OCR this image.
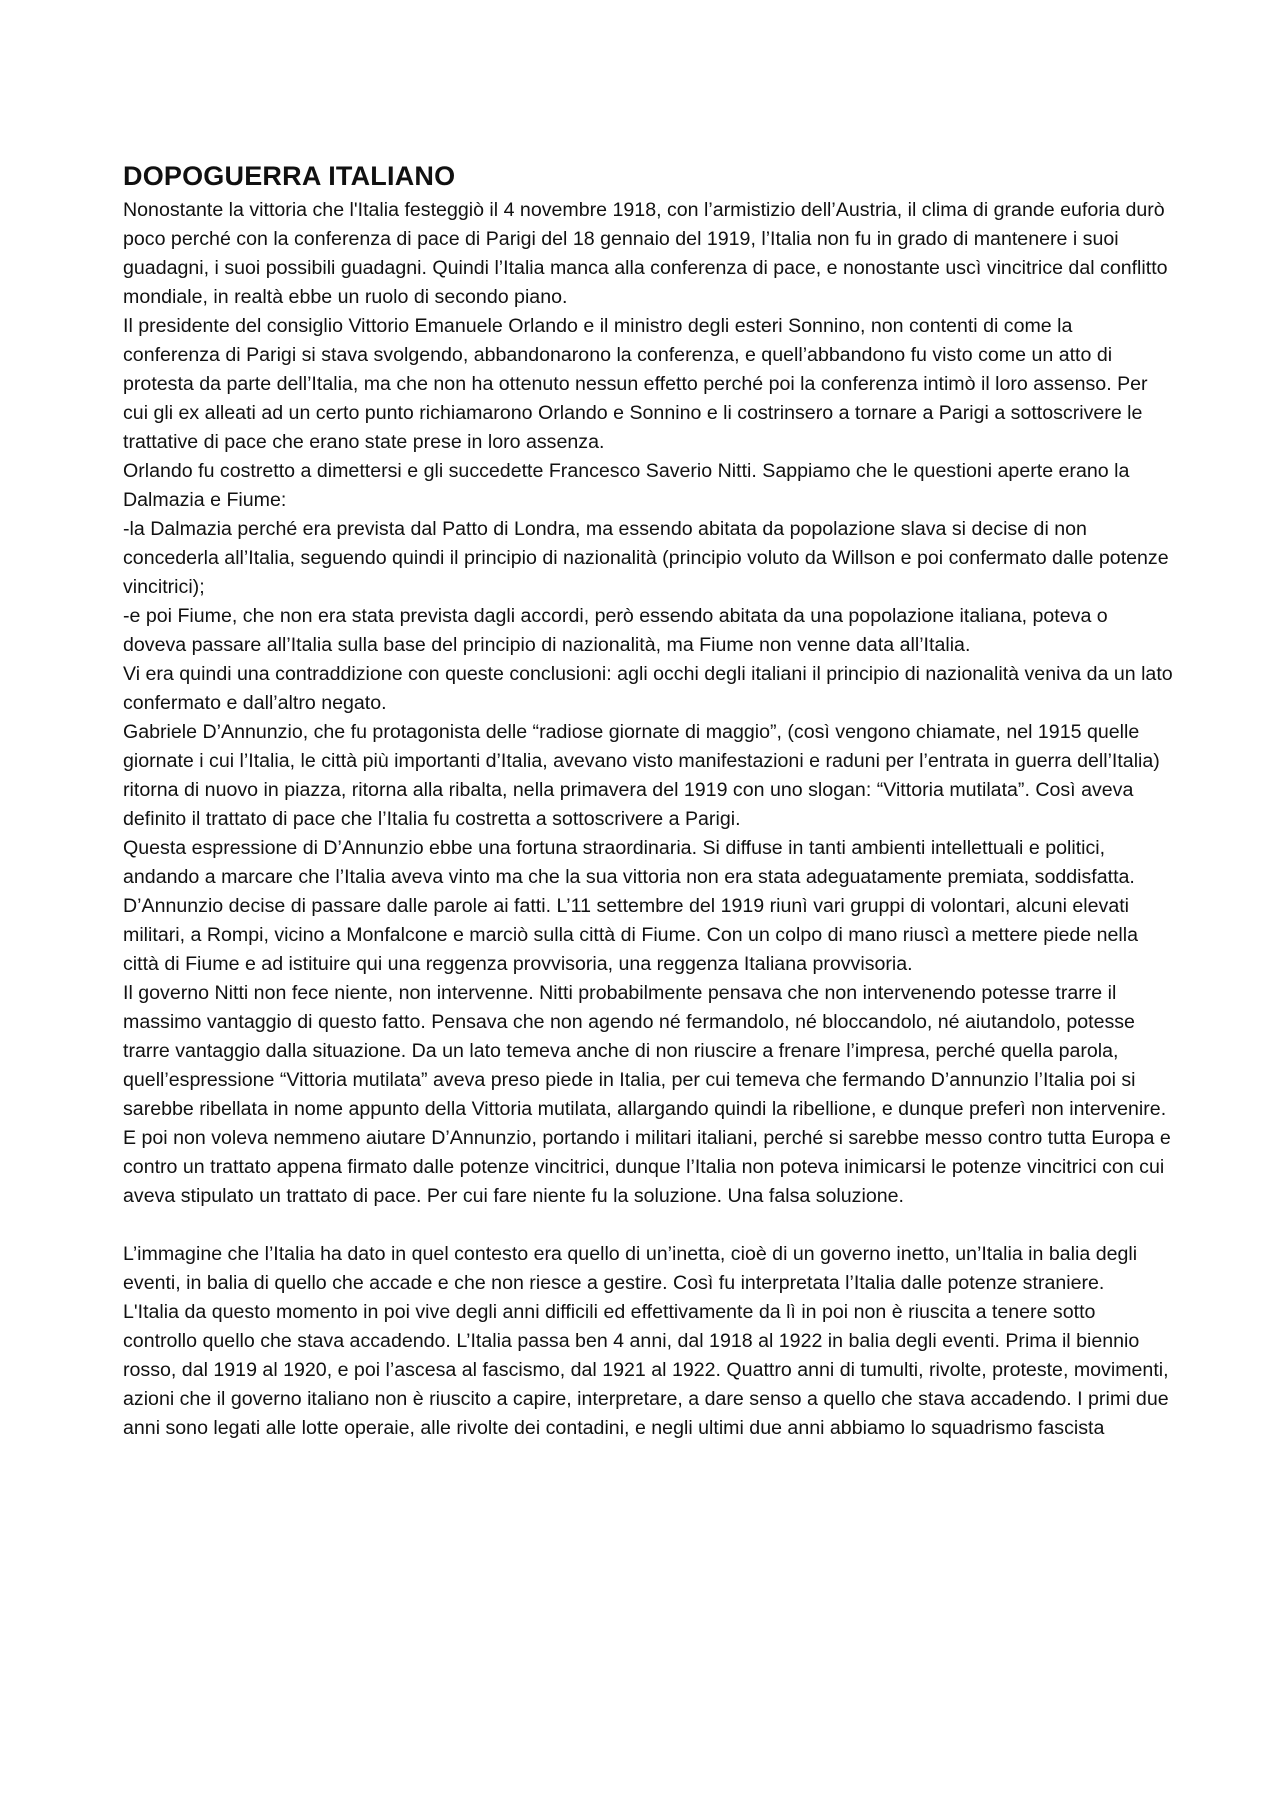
DOPOGUERRA ITALIANO

Nonostante la vittoria che l'Italia festeggiò il 4 novembre 1918, con l’armistizio dell’Austria, il clima di grande euforia durò poco perché con la conferenza di pace di Parigi del 18 gennaio del 1919, l’Italia non fu in grado di mantenere i suoi guadagni, i suoi possibili guadagni. Quindi l’Italia manca alla conferenza di pace, e nonostante uscì vincitrice dal conflitto mondiale, in realtà ebbe un ruolo di secondo piano.

Il presidente del consiglio Vittorio Emanuele Orlando e il ministro degli esteri Sonnino, non contenti di come la conferenza di Parigi si stava svolgendo, abbandonarono la conferenza, e quell’abbandono fu visto come un atto di protesta da parte dell’Italia, ma che non ha ottenuto nessun effetto perché poi la conferenza intimò il loro assenso. Per cui gli ex alleati ad un certo punto richiamarono Orlando e Sonnino e li costrinsero a tornare a Parigi a sottoscrivere le trattative di pace che erano state prese in loro assenza.

Orlando fu costretto a dimettersi e gli succedette Francesco Saverio Nitti. Sappiamo che le questioni aperte erano la Dalmazia e Fiume:

-la Dalmazia perché era prevista dal Patto di Londra, ma essendo abitata da popolazione slava si decise di non concederla all’Italia, seguendo quindi il principio di nazionalità (principio voluto da Willson e poi confermato dalle potenze vincitrici);

-e poi Fiume, che non era stata prevista dagli accordi, però essendo abitata da una popolazione italiana, poteva o doveva passare all’Italia sulla base del principio di nazionalità, ma Fiume non venne data all’Italia.

Vi era quindi una contraddizione con queste conclusioni: agli occhi degli italiani il principio di nazionalità veniva da un lato confermato e dall’altro negato.

Gabriele D’Annunzio, che fu protagonista delle “radiose giornate di maggio”, (così vengono chiamate, nel 1915 quelle giornate i cui l’Italia, le città più importanti d’Italia, avevano visto manifestazioni e raduni per l’entrata in guerra dell’Italia) ritorna di nuovo in piazza, ritorna alla ribalta, nella primavera del 1919 con uno slogan: “Vittoria mutilata”. Così aveva definito il trattato di pace che l’Italia fu costretta a sottoscrivere a Parigi.

Questa espressione di D’Annunzio ebbe una fortuna straordinaria. Si diffuse in tanti ambienti intellettuali e politici, andando a marcare che l’Italia aveva vinto ma che la sua vittoria non era stata adeguatamente premiata, soddisfatta. D’Annunzio decise di passare dalle parole ai fatti. L’11 settembre del 1919 riunì vari gruppi di volontari, alcuni elevati militari, a Rompi, vicino a Monfalcone e marciò sulla città di Fiume. Con un colpo di mano riuscì a mettere piede nella città di Fiume e ad istituire qui una reggenza provvisoria, una reggenza Italiana provvisoria.

Il governo Nitti non fece niente, non intervenne. Nitti probabilmente pensava che non intervenendo potesse trarre il massimo vantaggio di questo fatto. Pensava che non agendo né fermandolo, né bloccandolo, né aiutandolo, potesse trarre vantaggio dalla situazione. Da un lato temeva anche di non riuscire a frenare l’impresa, perché quella parola, quell’espressione “Vittoria mutilata” aveva preso piede in Italia, per cui temeva che fermando D’annunzio l’Italia poi si sarebbe ribellata in nome appunto della Vittoria mutilata, allargando quindi la ribellione, e dunque preferì non intervenire. E poi non voleva nemmeno aiutare D’Annunzio, portando i militari italiani, perché si sarebbe messo contro tutta Europa e contro un trattato appena firmato dalle potenze vincitrici, dunque l’Italia non poteva inimicarsi le potenze vincitrici con cui aveva stipulato un trattato di pace. Per cui fare niente fu la soluzione. Una falsa soluzione.

L’immagine che l’Italia ha dato in quel contesto era quello di un’inetta, cioè di un governo inetto, un’Italia in balia degli eventi, in balia di quello che accade e che non riesce a gestire. Così fu interpretata l’Italia dalle potenze straniere.

L'Italia da questo momento in poi vive degli anni difficili ed effettivamente da lì in poi non è riuscita a tenere sotto controllo quello che stava accadendo. L’Italia passa ben 4 anni, dal 1918 al 1922 in balia degli eventi. Prima il biennio rosso, dal 1919 al 1920, e poi l’ascesa al fascismo, dal 1921 al 1922. Quattro anni di tumulti, rivolte, proteste, movimenti, azioni che il governo italiano non è riuscito a capire, interpretare, a dare senso a quello che stava accadendo. I primi due anni sono legati alle lotte operaie, alle rivolte dei contadini, e negli ultimi due anni abbiamo lo squadrismo fascista
